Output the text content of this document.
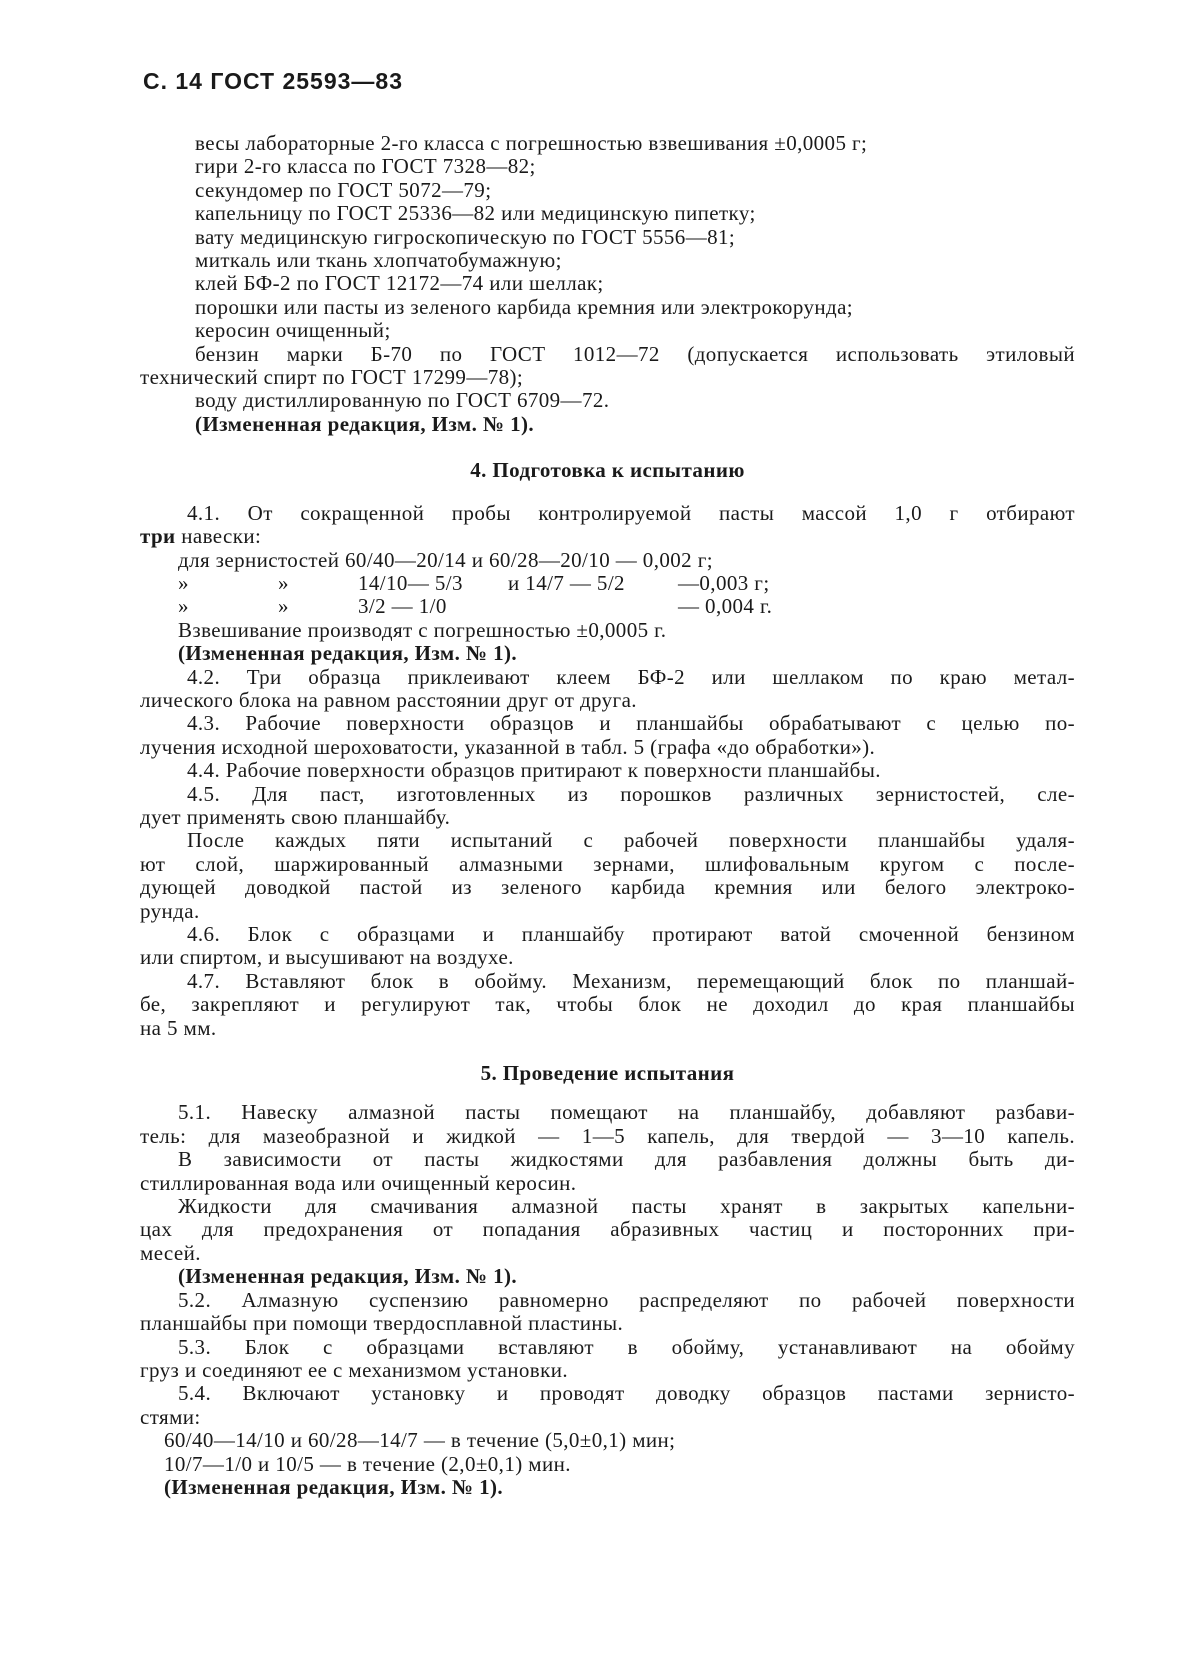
С. 14 ГОСТ 25593—83
весы лабораторные 2-го класса с погрешностью взвешивания ±0,0005 г;
гири 2-го класса по ГОСТ 7328—82;
секундомер по ГОСТ 5072—79;
капельницу по ГОСТ 25336—82 или медицинскую пипетку;
вату медицинскую гигроскопическую по ГОСТ 5556—81;
миткаль или ткань хлопчатобумажную;
клей БФ-2 по ГОСТ 12172—74 или шеллак;
порошки или пасты из зеленого карбида кремния или электрокорунда;
керосин очищенный;
бензин марки Б-70 по ГОСТ 1012—72 (допускается использовать этиловый
технический спирт по ГОСТ 17299—78);
воду дистиллированную по ГОСТ 6709—72.
(Измененная редакция, Изм. № 1).
4. Подготовка к испытанию
4.1. От сокращенной пробы контролируемой пасты массой 1,0 г отбирают
три навески:
для зернистостей 60/40—20/14 и 60/28—20/10 — 0,002 г;
»	»	14/10— 5/3 и 14/7 — 5/2	—0,003 г;
»	»	3/2 — 1/0	— 0,004 г.
Взвешивание производят с погрешностью ±0,0005 г.
(Измененная редакция, Изм. № 1).
4.2. Три образца приклеивают клеем БФ-2 или шеллаком по краю метал-
лического блока на равном расстоянии друг от друга.
4.3. Рабочие поверхности образцов и планшайбы обрабатывают с целью по-
лучения исходной шероховатости, указанной в табл. 5 (графа «до обработки»).
4.4. Рабочие поверхности образцов притирают к поверхности планшайбы.
4.5. Для паст, изготовленных из порошков различных зернистостей, сле-
дует применять свою планшайбу.
После каждых пяти испытаний с рабочей поверхности планшайбы удаля-
ют слой, шаржированный алмазными зернами, шлифовальным кругом с после-
дующей доводкой пастой из зеленого карбида кремния или белого электроко-
рунда.
4.6. Блок с образцами и планшайбу протирают ватой смоченной бензином
или спиртом, и высушивают на воздухе.
4.7. Вставляют блок в обойму. Механизм, перемещающий блок по планшай-
бе, закрепляют и регулируют так, чтобы блок не доходил до края планшайбы
на 5 мм.
5. Проведение испытания
5.1. Навеску алмазной пасты помещают на планшайбу, добавляют разбави-
тель: для мазеобразной и жидкой — 1—5 капель, для твердой — 3—10 капель.
В зависимости от пасты жидкостями для разбавления должны быть ди-
стиллированная вода или очищенный керосин.
Жидкости для смачивания алмазной пасты хранят в закрытых капельни-
цах для предохранения от попадания абразивных частиц и посторонних при-
месей.
(Измененная редакция, Изм. № 1).
5.2. Алмазную суспензию равномерно распределяют по рабочей поверхности
планшайбы при помощи твердосплавной пластины.
5.3. Блок с образцами вставляют в обойму, устанавливают на обойму
груз и соединяют ее с механизмом установки.
5.4. Включают установку и проводят доводку образцов пастами зернисто-
стями:
60/40—14/10 и 60/28—14/7 — в течение (5,0±0,1) мин;
10/7—1/0 и 10/5 — в течение (2,0±0,1) мин.
(Измененная редакция, Изм. № 1).
